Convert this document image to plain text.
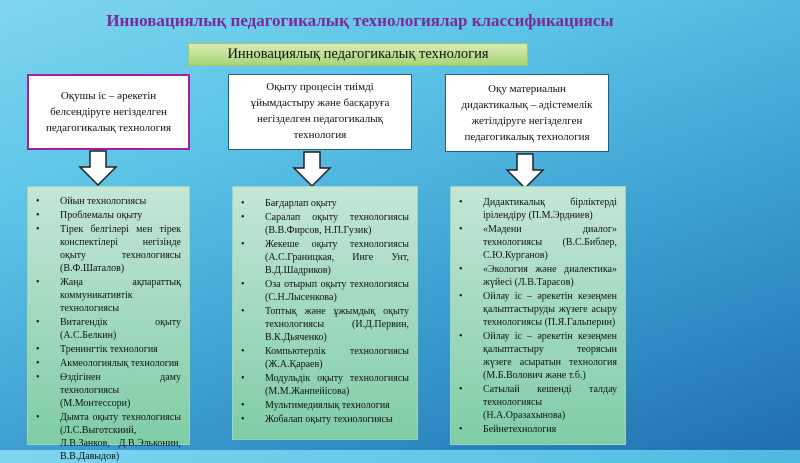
Инновациялық педагогикалық технологиялар классификациясы
Инновациялық педагогикалық технология
Оқушы іс – әрекетін белсендіруге негізделген педагогикалық технология
Оқыту процесін тиімді ұйымдастыру және басқаруға негізделген педагогикалық технология
Оқу материалын дидактикалық – әдістемелік жетілдіруге негізделген педагогикалық технология
• Ойын технологиясы
• Проблемалы оқыту
• Тірек белгілері мен тірек конспектілері негізінде оқыту технологиясы (В.Ф.Шаталов)
• Жаңа ақпараттық коммуникативтік технологиясы
• Витагендік оқыту (А.С.Белкин)
• Тренингтік технология
• Акмеологиялық технология
• Өздігінен даму технологиясы (М.Монтессори)
• Дымта оқыту технологиясы (Л.С.Выготскиий, Л.В.Занков, Д.В.Эльконин, В.В.Давыдов)
• Бағдарлап оқыту
• Саралап оқыту технологиясы (В.В.Фирсов, Н.П.Гузик)
• Жекеше оқыту технологиясы (А.С.Границкая, Инге Унт, В.Д.Шадриков)
• Оза отырып оқыту технологиясы (С.Н.Лысенкова)
• Топтық және ұжымдық оқыту технологиясы (И.Д.Первин, В.К.Дьяченко)
• Компьютерлік технологиясы (Ж.А.Қараев)
• Модульдік оқыту технологиясы (М.М.Жанпейісова)
• Мультимедиялық технология
• Жобалап оқыту технологиясы
• Дидактикалық бірліктерді ірілендіру (П.М.Эрдниев)
• «Мәдени диалог» технологиясы (В.С.Библер, С.Ю.Курганов)
• «Экология және диалектика» жүйесі (Л.В.Тарасов)
• Ойлау іс – әрекетін кезеңмен қалыптастыруды жүзеге асыру технологиясы (П.Я.Гальперин)
• Ойлау іс – әрекетін кезеңмен қалыптастыру теорясын жүзеге асыратын технология (М.Б.Волович және т.б.)
• Сатылай кешенді талдау технологиясы (Н.А.Оразахынова)
• Бейнетехнология
